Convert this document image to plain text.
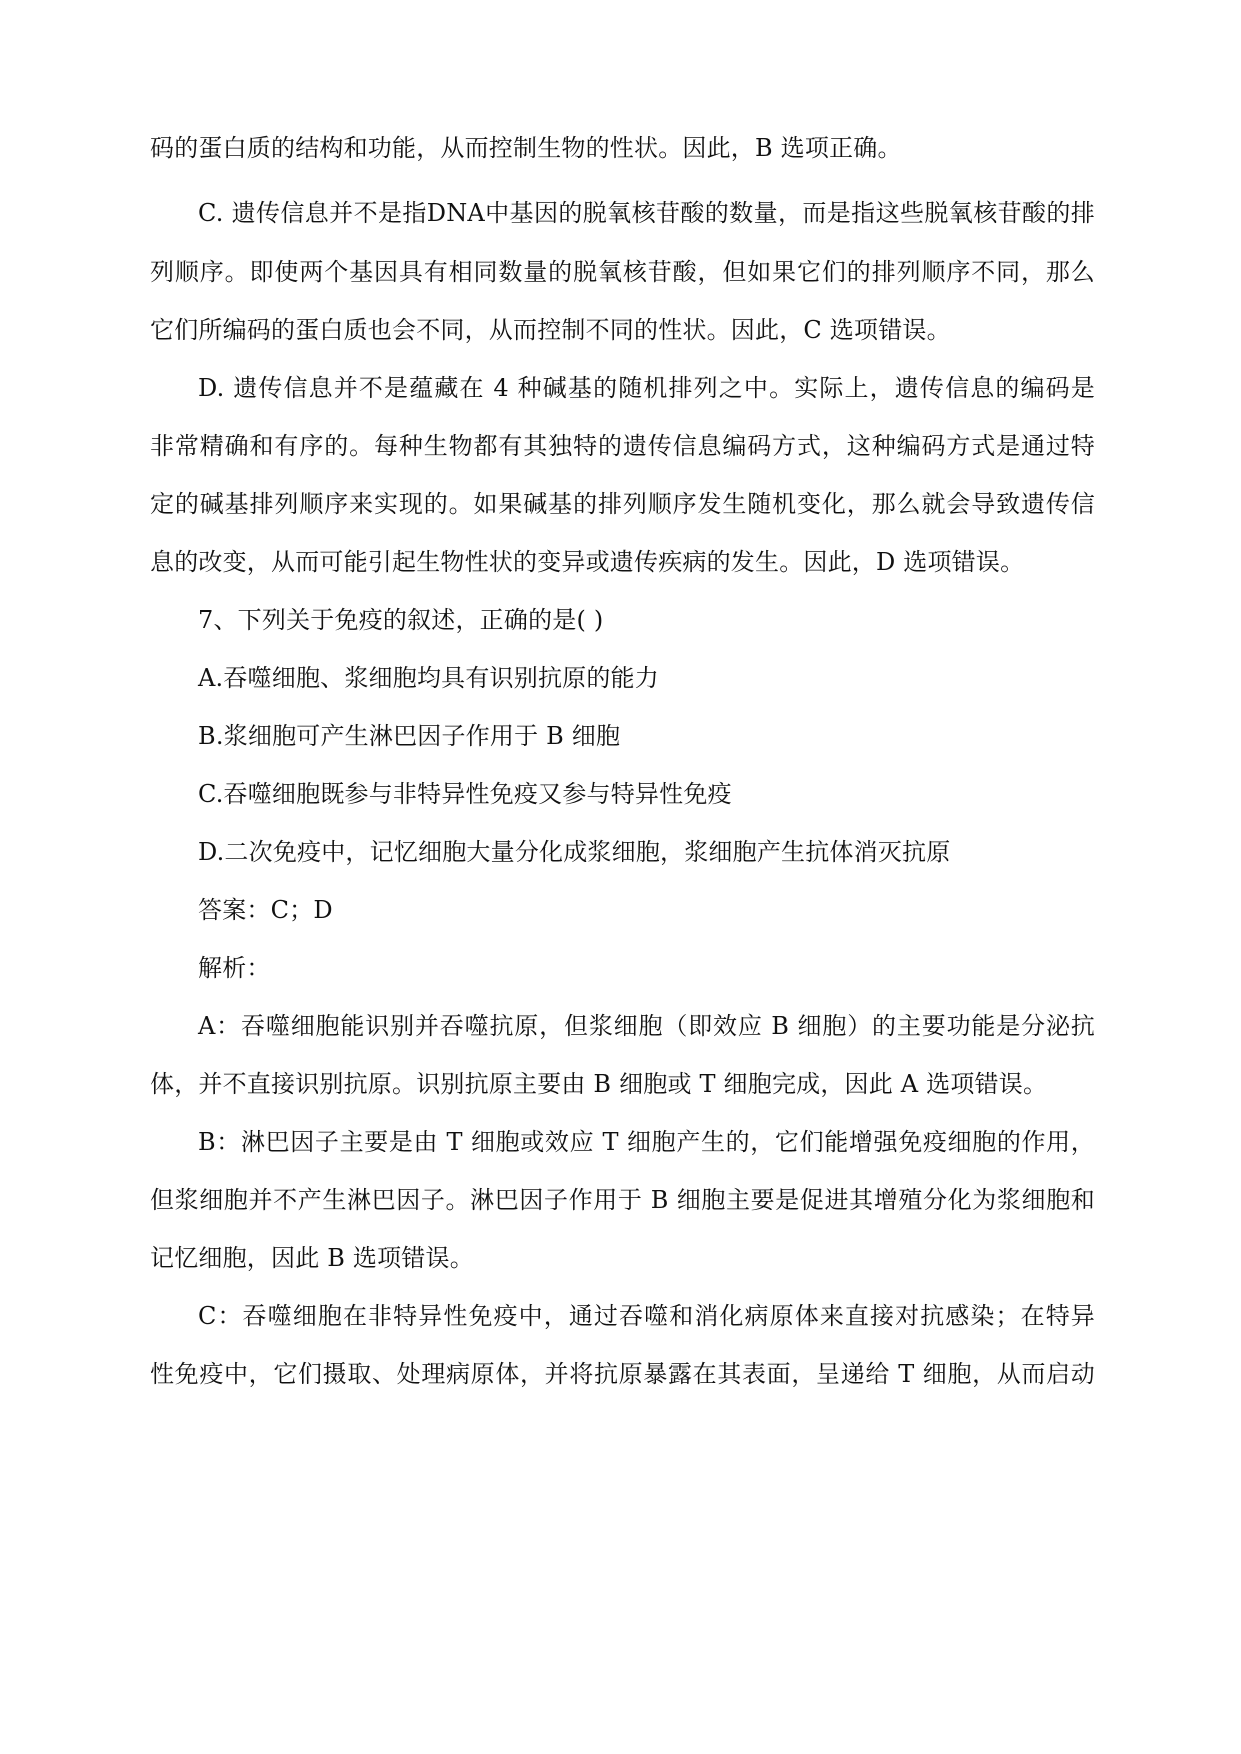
码的蛋白质的结构和功能，从而控制生物的性状。因此，B 选项正确。
C. 遗传信息并不是指DNA中基因的脱氧核苷酸的数量，而是指这些脱氧核苷酸的排
列顺序。即使两个基因具有相同数量的脱氧核苷酸，但如果它们的排列顺序不同，那么
它们所编码的蛋白质也会不同，从而控制不同的性状。因此，C 选项错误。
D. 遗传信息并不是蕴藏在 4 种碱基的随机排列之中。实际上，遗传信息的编码是
非常精确和有序的。每种生物都有其独特的遗传信息编码方式，这种编码方式是通过特
定的碱基排列顺序来实现的。如果碱基的排列顺序发生随机变化，那么就会导致遗传信
息的改变，从而可能引起生物性状的变异或遗传疾病的发生。因此，D 选项错误。
7、下列关于免疫的叙述，正确的是( )
A.吞噬细胞、浆细胞均具有识别抗原的能力
B.浆细胞可产生淋巴因子作用于 B 细胞
C.吞噬细胞既参与非特异性免疫又参与特异性免疫
D.二次免疫中，记忆细胞大量分化成浆细胞，浆细胞产生抗体消灭抗原
答案：C；D
解析：
A：吞噬细胞能识别并吞噬抗原，但浆细胞（即效应 B 细胞）的主要功能是分泌抗
体，并不直接识别抗原。识别抗原主要由 B 细胞或 T 细胞完成，因此 A 选项错误。
B：淋巴因子主要是由 T 细胞或效应 T 细胞产生的，它们能增强免疫细胞的作用，
但浆细胞并不产生淋巴因子。淋巴因子作用于 B 细胞主要是促进其增殖分化为浆细胞和
记忆细胞，因此 B 选项错误。
C：吞噬细胞在非特异性免疫中，通过吞噬和消化病原体来直接对抗感染；在特异
性免疫中，它们摄取、处理病原体，并将抗原暴露在其表面，呈递给 T 细胞，从而启动
